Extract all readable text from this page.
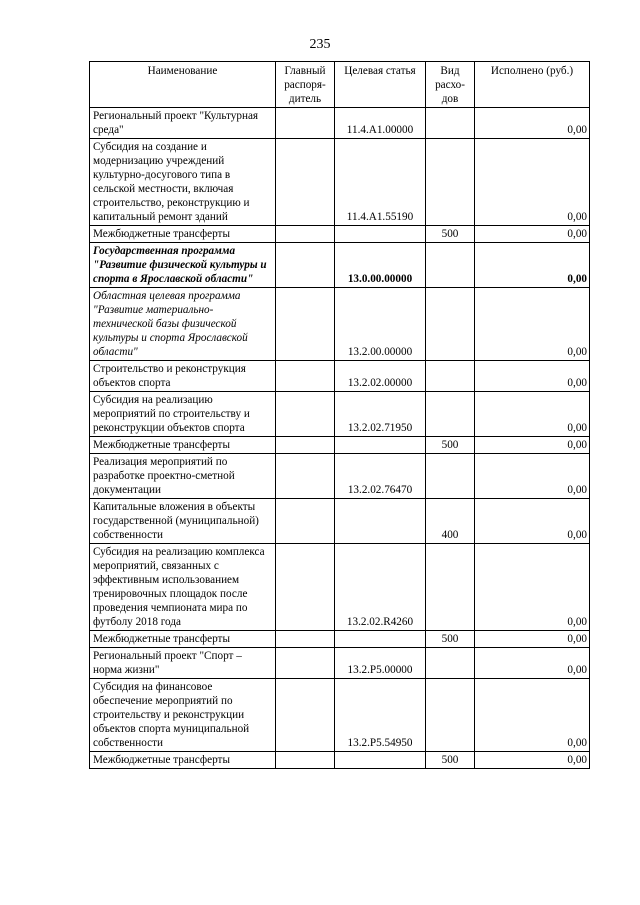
235
Наименование	Главный распоря-дитель	Целевая статья	Вид расхо-дов	Исполнено (руб.)
Региональный проект "Культурная среда"		11.4.А1.00000		0,00
Субсидия на создание и модернизацию учреждений культурно-досугового типа в сельской местности, включая строительство, реконструкцию и капитальный ремонт зданий		11.4.А1.55190		0,00
Межбюджетные трансферты			500	0,00
Государственная программа "Развитие физической культуры и спорта в Ярославской области"		13.0.00.00000		0,00
Областная целевая программа "Развитие материально-технической базы физической культуры и спорта Ярославской области"		13.2.00.00000		0,00
Строительство и реконструкция объектов спорта		13.2.02.00000		0,00
Субсидия на реализацию мероприятий по строительству и реконструкции объектов спорта		13.2.02.71950		0,00
Межбюджетные трансферты			500	0,00
Реализация мероприятий по разработке проектно-сметной документации		13.2.02.76470		0,00
Капитальные вложения в объекты государственной (муниципальной) собственности			400	0,00
Субсидия на реализацию комплекса мероприятий, связанных с эффективным использованием тренировочных площадок после проведения чемпионата мира по футболу 2018 года		13.2.02.R4260		0,00
Межбюджетные трансферты			500	0,00
Региональный проект "Спорт – норма жизни"		13.2.Р5.00000		0,00
Субсидия на финансовое обеспечение мероприятий по строительству и реконструкции объектов спорта муниципальной собственности		13.2.Р5.54950		0,00
Межбюджетные трансферты			500	0,00
